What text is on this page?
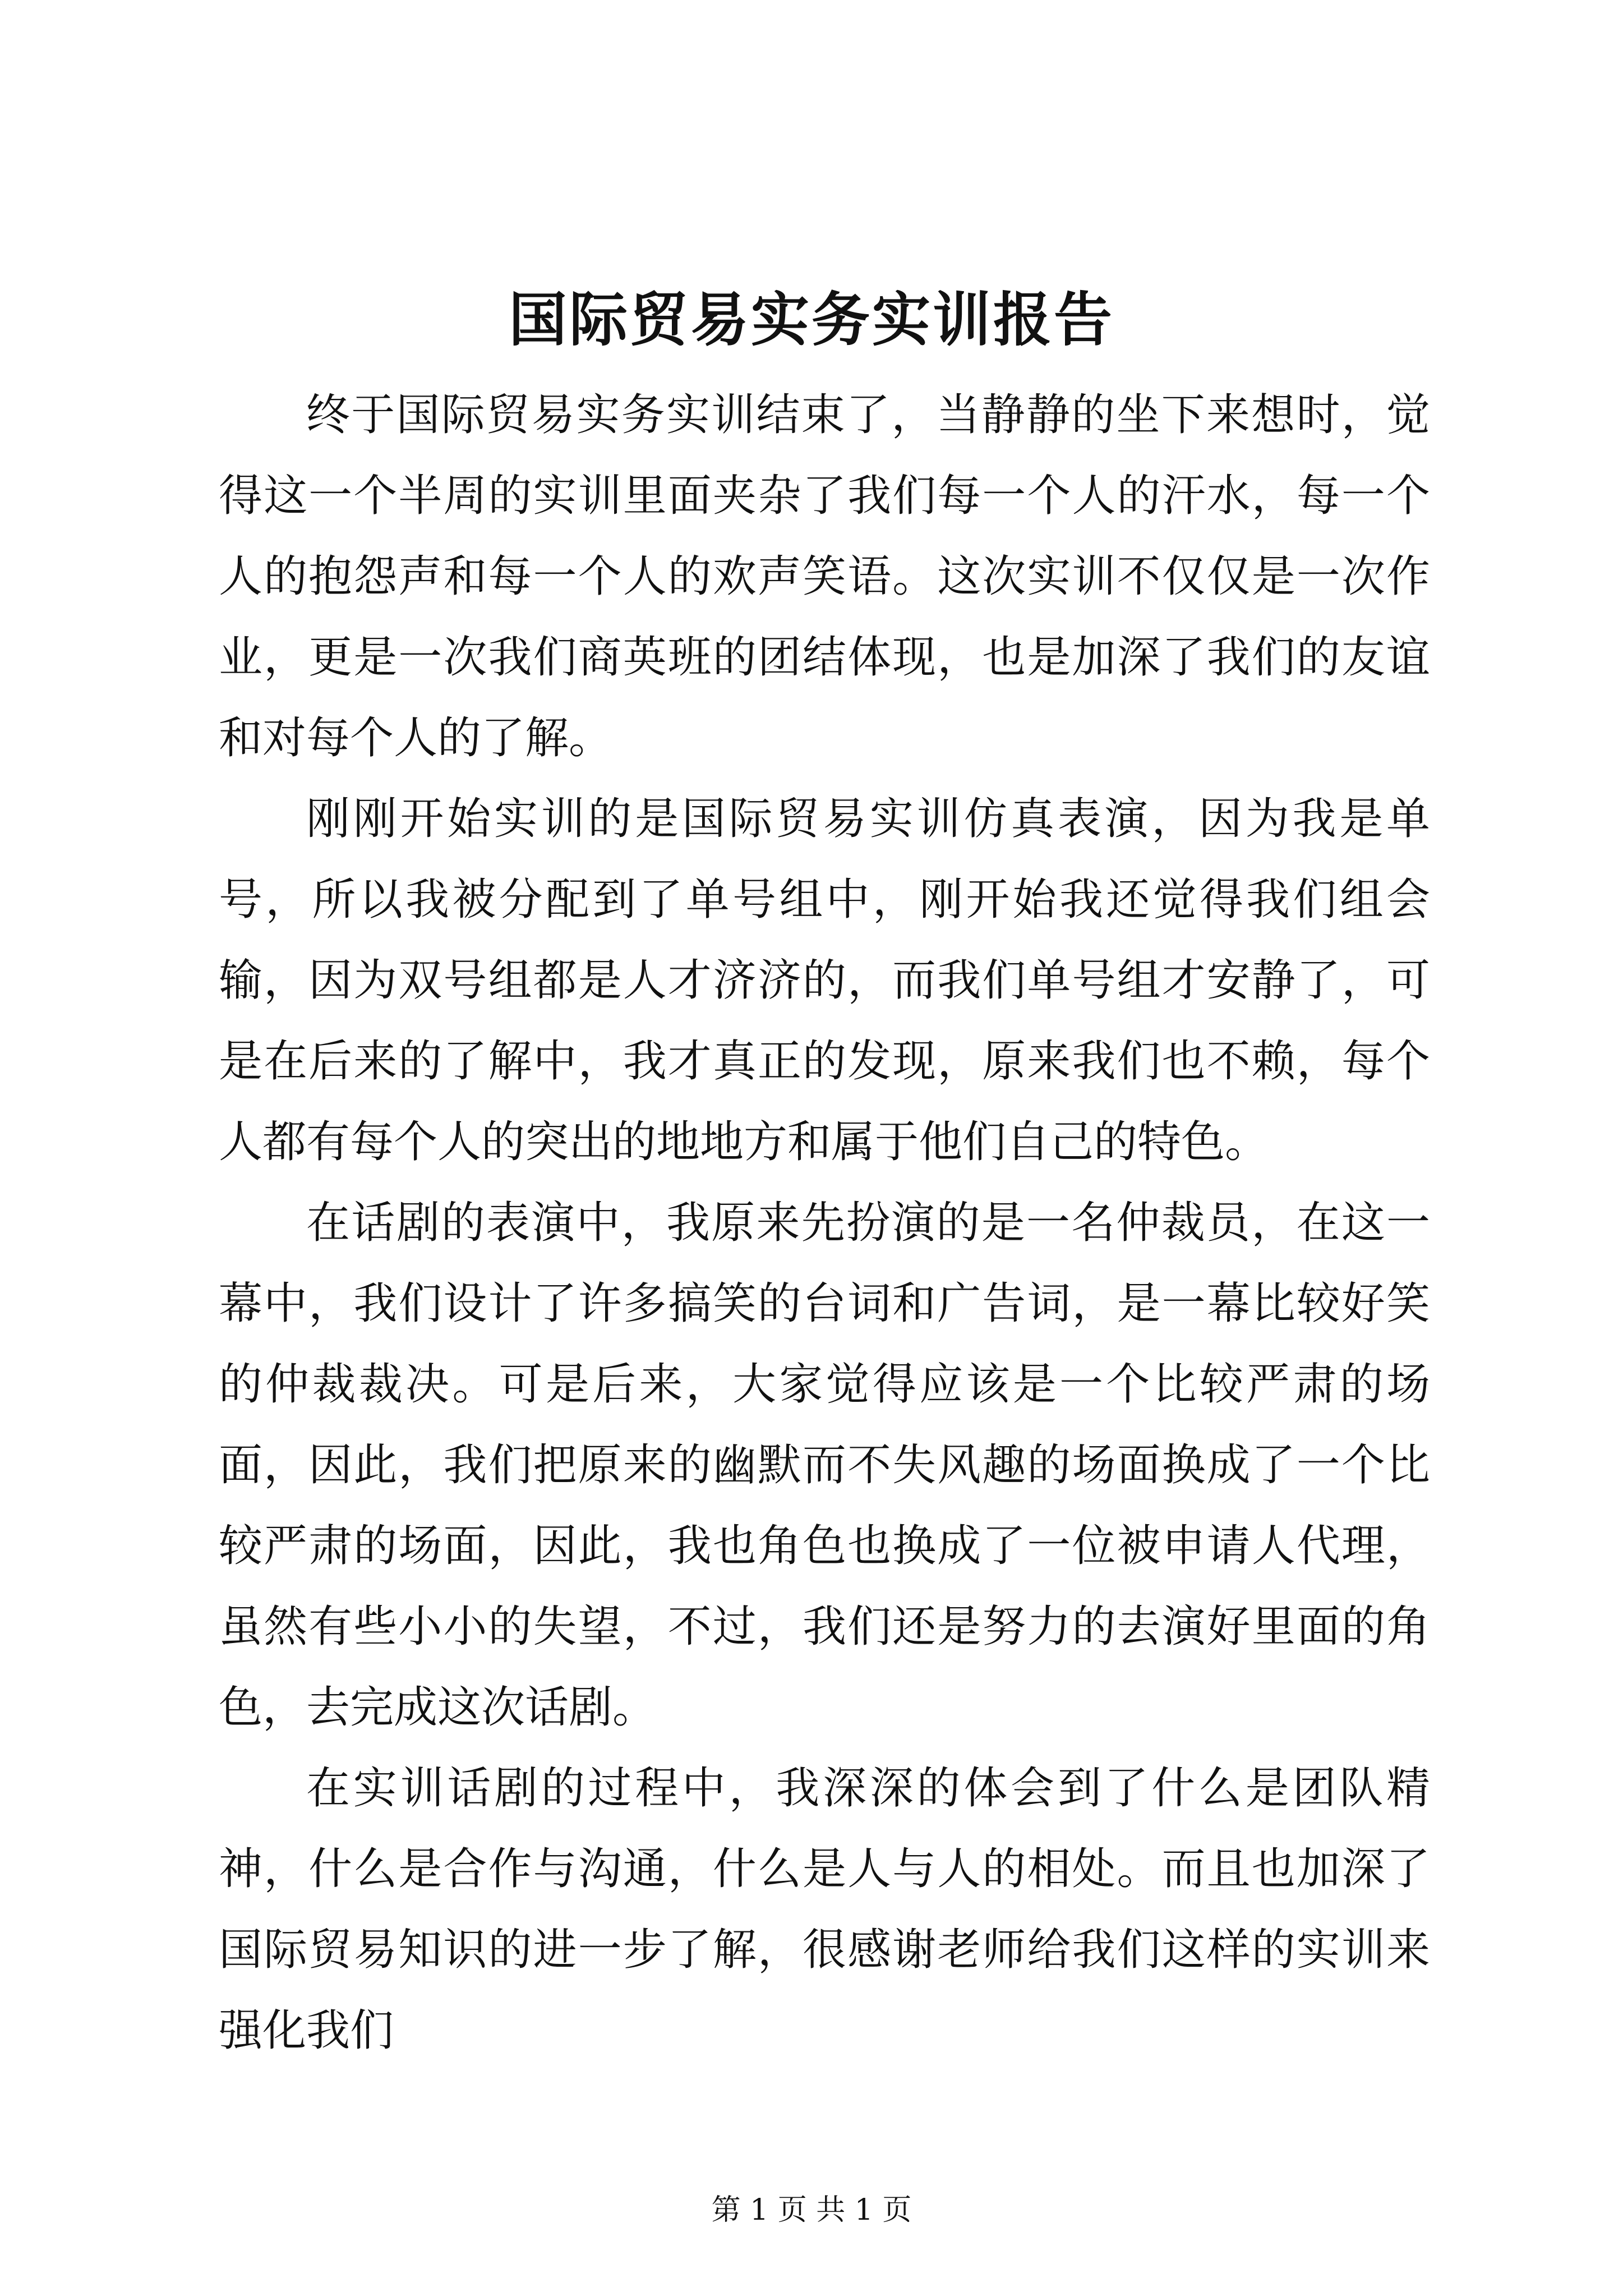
国际贸易实务实训报告

终于国际贸易实务实训结束了，当静静的坐下来想时，觉得这一个半周的实训里面夹杂了我们每一个人的汗水，每一个人的抱怨声和每一个人的欢声笑语。这次实训不仅仅是一次作业，更是一次我们商英班的团结体现，也是加深了我们的友谊和对每个人的了解。

刚刚开始实训的是国际贸易实训仿真表演，因为我是单号，所以我被分配到了单号组中，刚开始我还觉得我们组会输，因为双号组都是人才济济的，而我们单号组才安静了，可是在后来的了解中，我才真正的发现，原来我们也不赖，每个人都有每个人的突出的地地方和属于他们自己的特色。

在话剧的表演中，我原来先扮演的是一名仲裁员，在这一幕中，我们设计了许多搞笑的台词和广告词，是一幕比较好笑的仲裁裁决。可是后来，大家觉得应该是一个比较严肃的场面，因此，我们把原来的幽默而不失风趣的场面换成了一个比较严肃的场面，因此，我也角色也换成了一位被申请人代理，虽然有些小小的失望，不过，我们还是努力的去演好里面的角色，去完成这次话剧。

在实训话剧的过程中，我深深的体会到了什么是团队精神，什么是合作与沟通，什么是人与人的相处。而且也加深了国际贸易知识的进一步了解，很感谢老师给我们这样的实训来强化我们

第 1 页 共 1 页
